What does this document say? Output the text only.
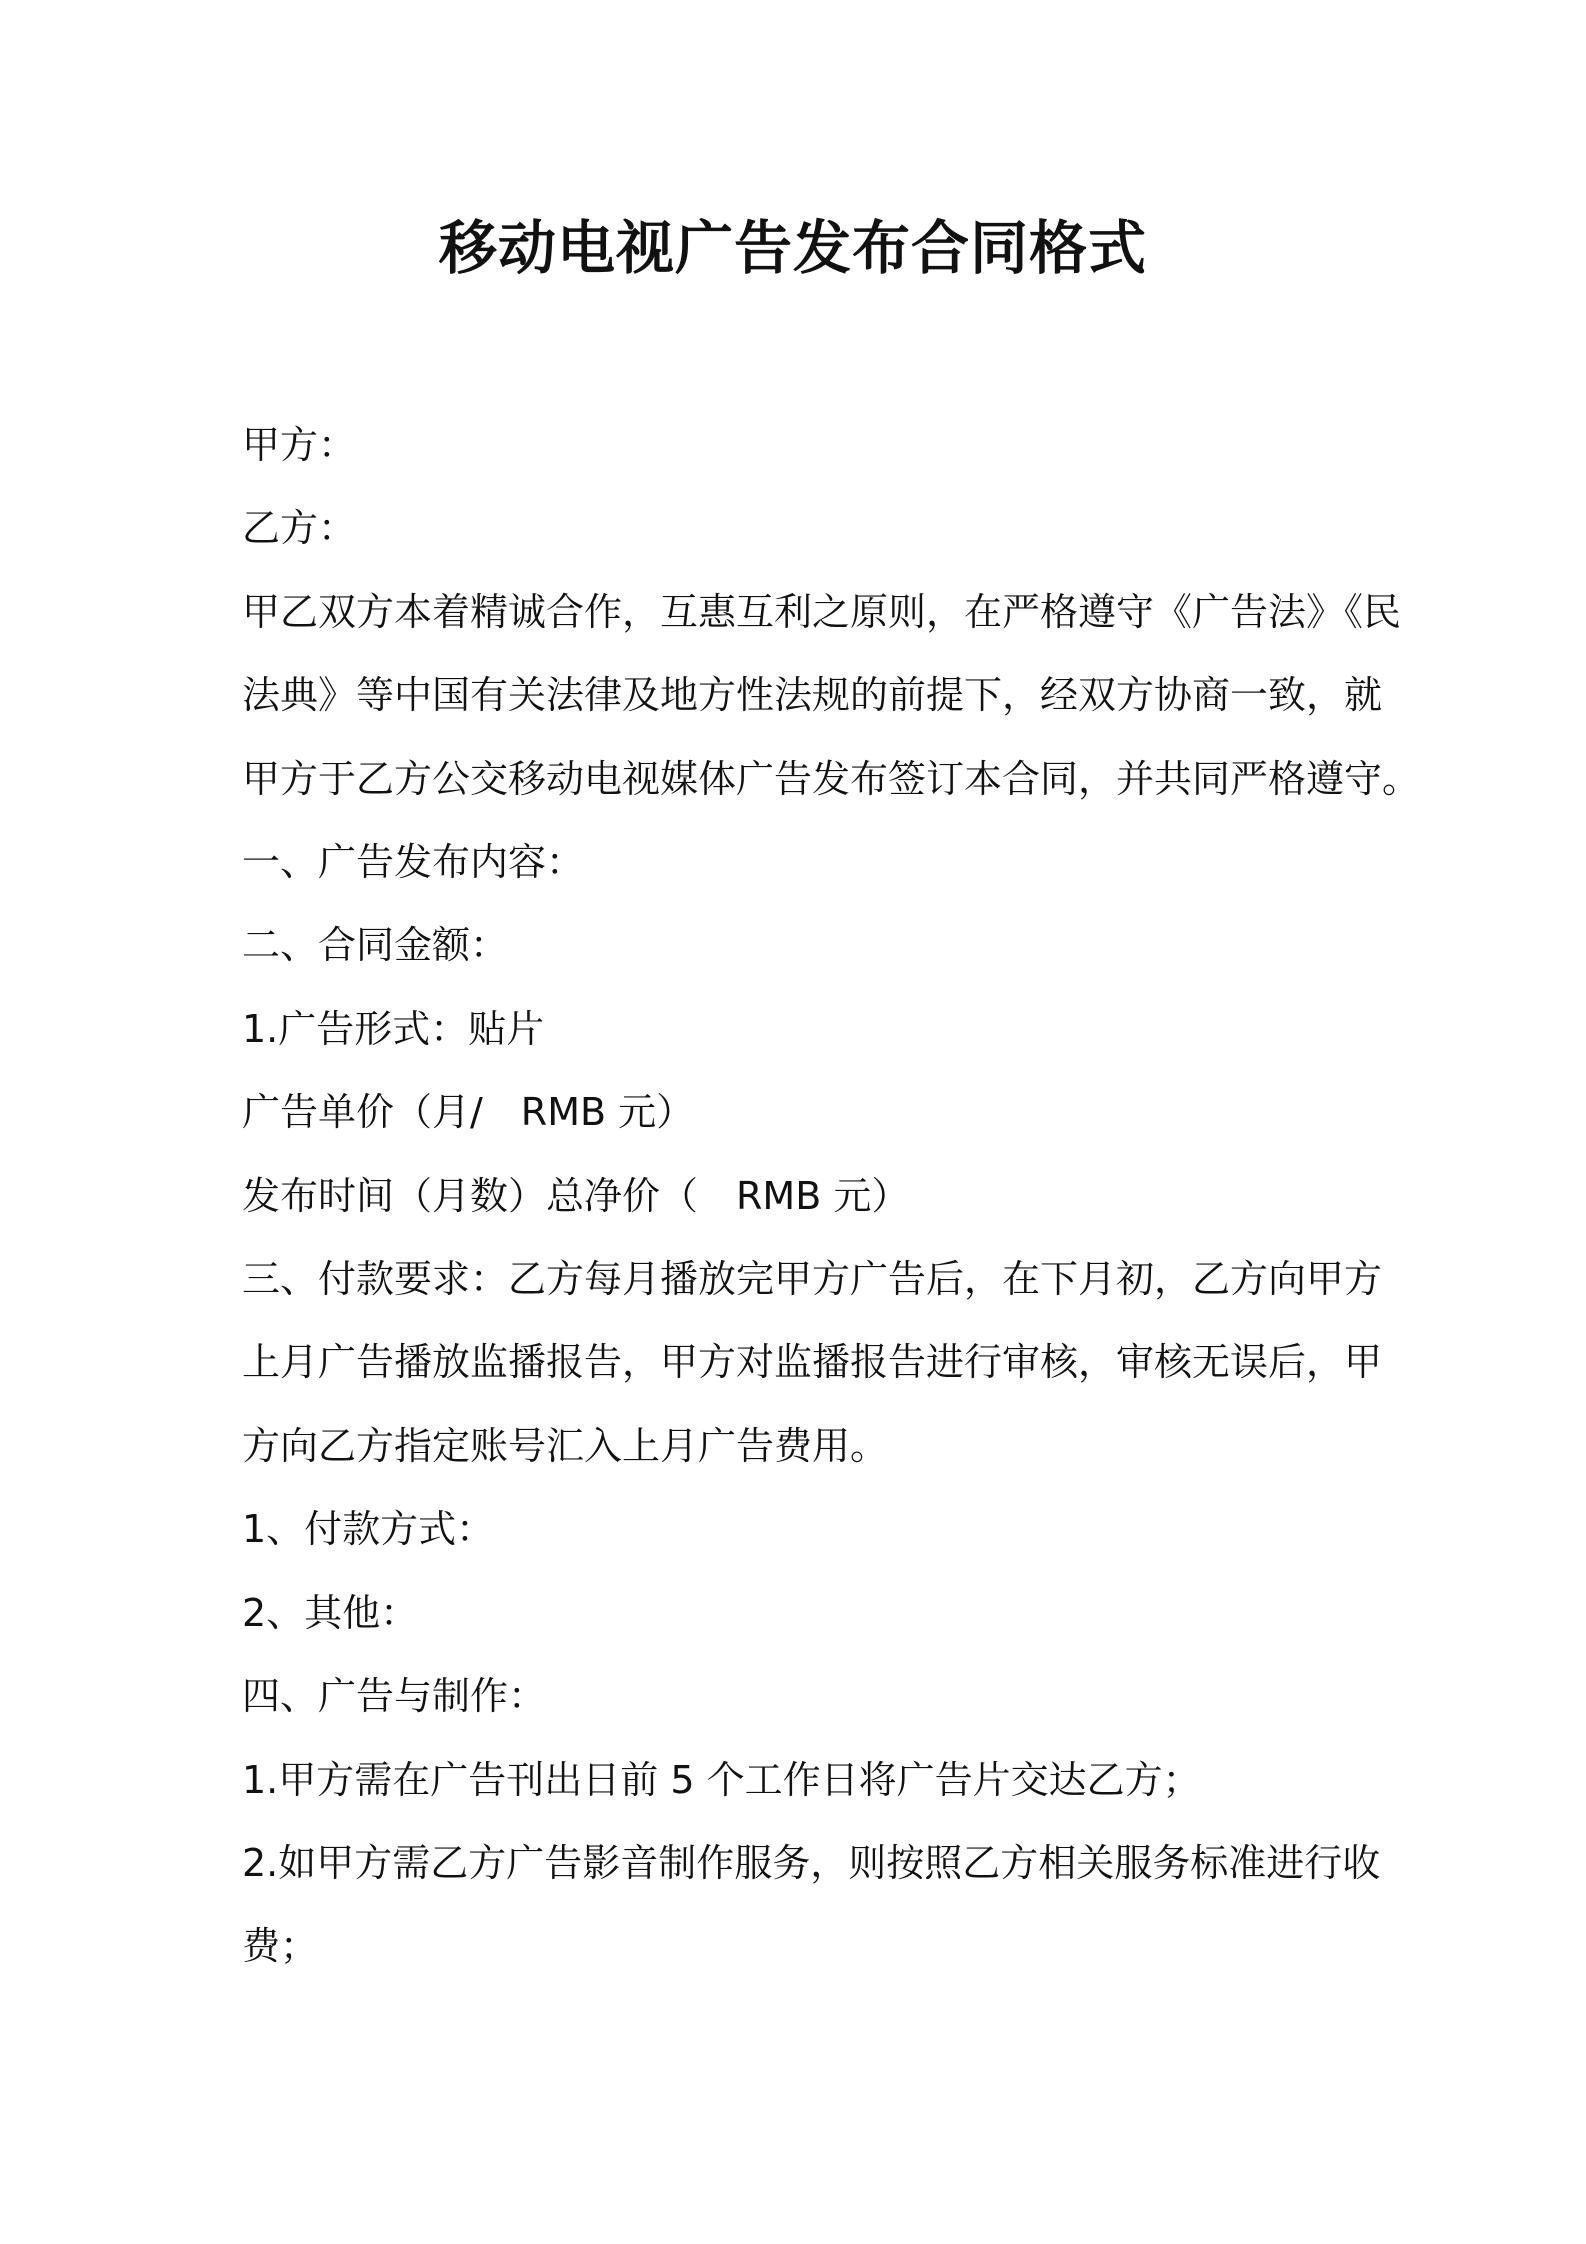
移动电视广告发布合同格式

甲方：

乙方：

甲乙双方本着精诚合作，互惠互利之原则，在严格遵守《广告法》《民

法典》等中国有关法律及地方性法规的前提下，经双方协商一致，就

甲方于乙方公交移动电视媒体广告发布签订本合同，并共同严格遵守。

一、广告发布内容：

二、合同金额：

1.广告形式：贴片

广告单价（月/　RMB 元）

发布时间（月数）总净价（　RMB 元）

三、付款要求：乙方每月播放完甲方广告后，在下月初，乙方向甲方

上月广告播放监播报告，甲方对监播报告进行审核，审核无误后，甲

方向乙方指定账号汇入上月广告费用。

1、付款方式：

2、其他：

四、广告与制作：

1.甲方需在广告刊出日前 5 个工作日将广告片交达乙方；

2.如甲方需乙方广告影音制作服务，则按照乙方相关服务标准进行收

费；
